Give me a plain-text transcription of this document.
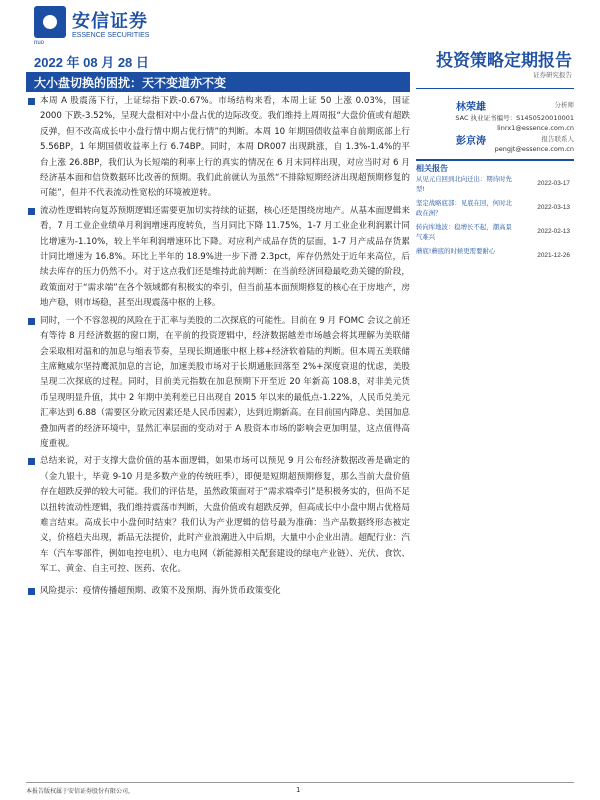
安信证券
ESSENCE SECURITIES
nuo
2022 年 08 月 28 日
大小盘切换的困扰：天不变道亦不变
投资策略定期报告
证券研究报告
本周 A 股震荡下行，上证综指下跌-0.67%。市场结构来看，本周上证 50 上涨 0.03%，国证 2000 下跌-3.52%，呈现大盘相对中小盘占优的边际改变。我们维持上周周报“大盘价值或有超跌反弹，但不改高成长中小盘行情中期占优行情”的判断。本周 10 年期国债收益率自前期底部上行 5.56BP，1 年期国债收益率上行 6.74BP。同时，本周 DR007 出现跳涨，自 1.3%-1.4%的平台上涨 26.8BP，我们认为长短端的利率上行的真实的情况在 6 月末同样出现，对应当时对 6 月经济基本面和信贷数据环比改善的预期。我们此前就认为虽然“不排除短期经济出现超预期修复的可能”，但并不代表流动性宽松的环境被逆转。
流动性逻辑转向复苏预期逻辑还需要更加切实持续的证据，核心还是围绕房地产。从基本面逻辑来看，7 月工业企业绩单月利润增速再度转负，当月同比下降 11.75%，1-7 月工业企业利润累计同比增速为-1.10%，较上半年利润增速环比下降。对应利产成品存货的层面，1-7 月产成品存货累计同比增速为 16.8%。环比上半年的 18.9%进一步下滑 2.3pct，库存仍然处于近年来高位，后续去库存的压力仍然不小。对于这点我们还是维持此前判断：在当前经济回稳最吃劲关键的阶段，政策面对于“需求端”在各个领域都有积极实的牵引，但当前基本面预期修复的核心在于房地产，房地产稳，则市场稳，甚至出现震荡中枢的上移。
同时，一个不容忽视的风险在于汇率与美股的二次探底的可能性。目前在 9 月 FOMC 会议之前还有等待 8 月经济数据的窗口期，在平前的投资逻辑中，经济数据越差市场越会将其理解为美联储会采取相对温和的加息与缩表节奏，呈现长期通胀中枢上移+经济软着陆的判断。但本周五美联储主席鲍威尔坚持鹰派加息的言论，加速美股市场对于长期通胀回落至 2%+深度衰退的忧虑，美股呈现二次探底的过程。同时，目前美元指数在加息预期下开至近 20 年新高 108.8，对非美元货币呈现明显升值，其中 2 年期中美利差已日出现自 2015 年以来的最低点-1.22%，人民币兑美元汇率达到 6.88（需要区分欧元因素还是人民币因素），达到近期新高。在目前国内降息、美国加息叠加两者的经济环境中，显然汇率层面的变动对于 A 股资本市场的影响会更加明显，这点值得高度重视。
总结来说，对于支撑大盘价值的基本面逻辑，如果市场可以预见 9 月公布经济数据改善是确定的（金九银十，毕竟 9-10 月是多数产业的传统旺季），即便是短期超预期修复，那么当前大盘价值存在超跌反弹的较大可能。我们的评估是，虽然政策面对于“需求端牵引”是积极务实的，但尚不足以扭转流动性逻辑，我们维持震荡市判断，大盘价值或有超跌反弹，但高成长中小盘中期占优格局难言结束。高成长中小盘何时结束？我们认为产业逻辑的信号最为准确：当产品数据终形态被定义，价格趋夫出现，新品无法提价，此时产业浪潮进入中后期，大量中小企业出清。超配行业：汽车（汽车零部件，例如电控电机）、电力电网（新能源相关配套建设的绿电产业链）、光伏、食饮、军工、黄金、自主可控、医药、农化。
风险提示：疫情传播超预期、政策不及预期、海外货币政策变化
林荣雄	分析师
SAC 执业证书编号：S1450520010001
linrx1@essence.com.cn
彭京涛	报告联系人
pengjt@essence.com.cn
相关报告
从见元自回到北向迁出：期待时先型!
2022-03-17
坚定战略底部：见底在回，何时北政在洲？
2022-03-13
转向库地波：稳增长不起，潮高景气难兴
2022-02-13
蘑底!蘑底的时候更需要耐心
2021-12-26
本报告版权属于安信证券股份有限公司，	1
